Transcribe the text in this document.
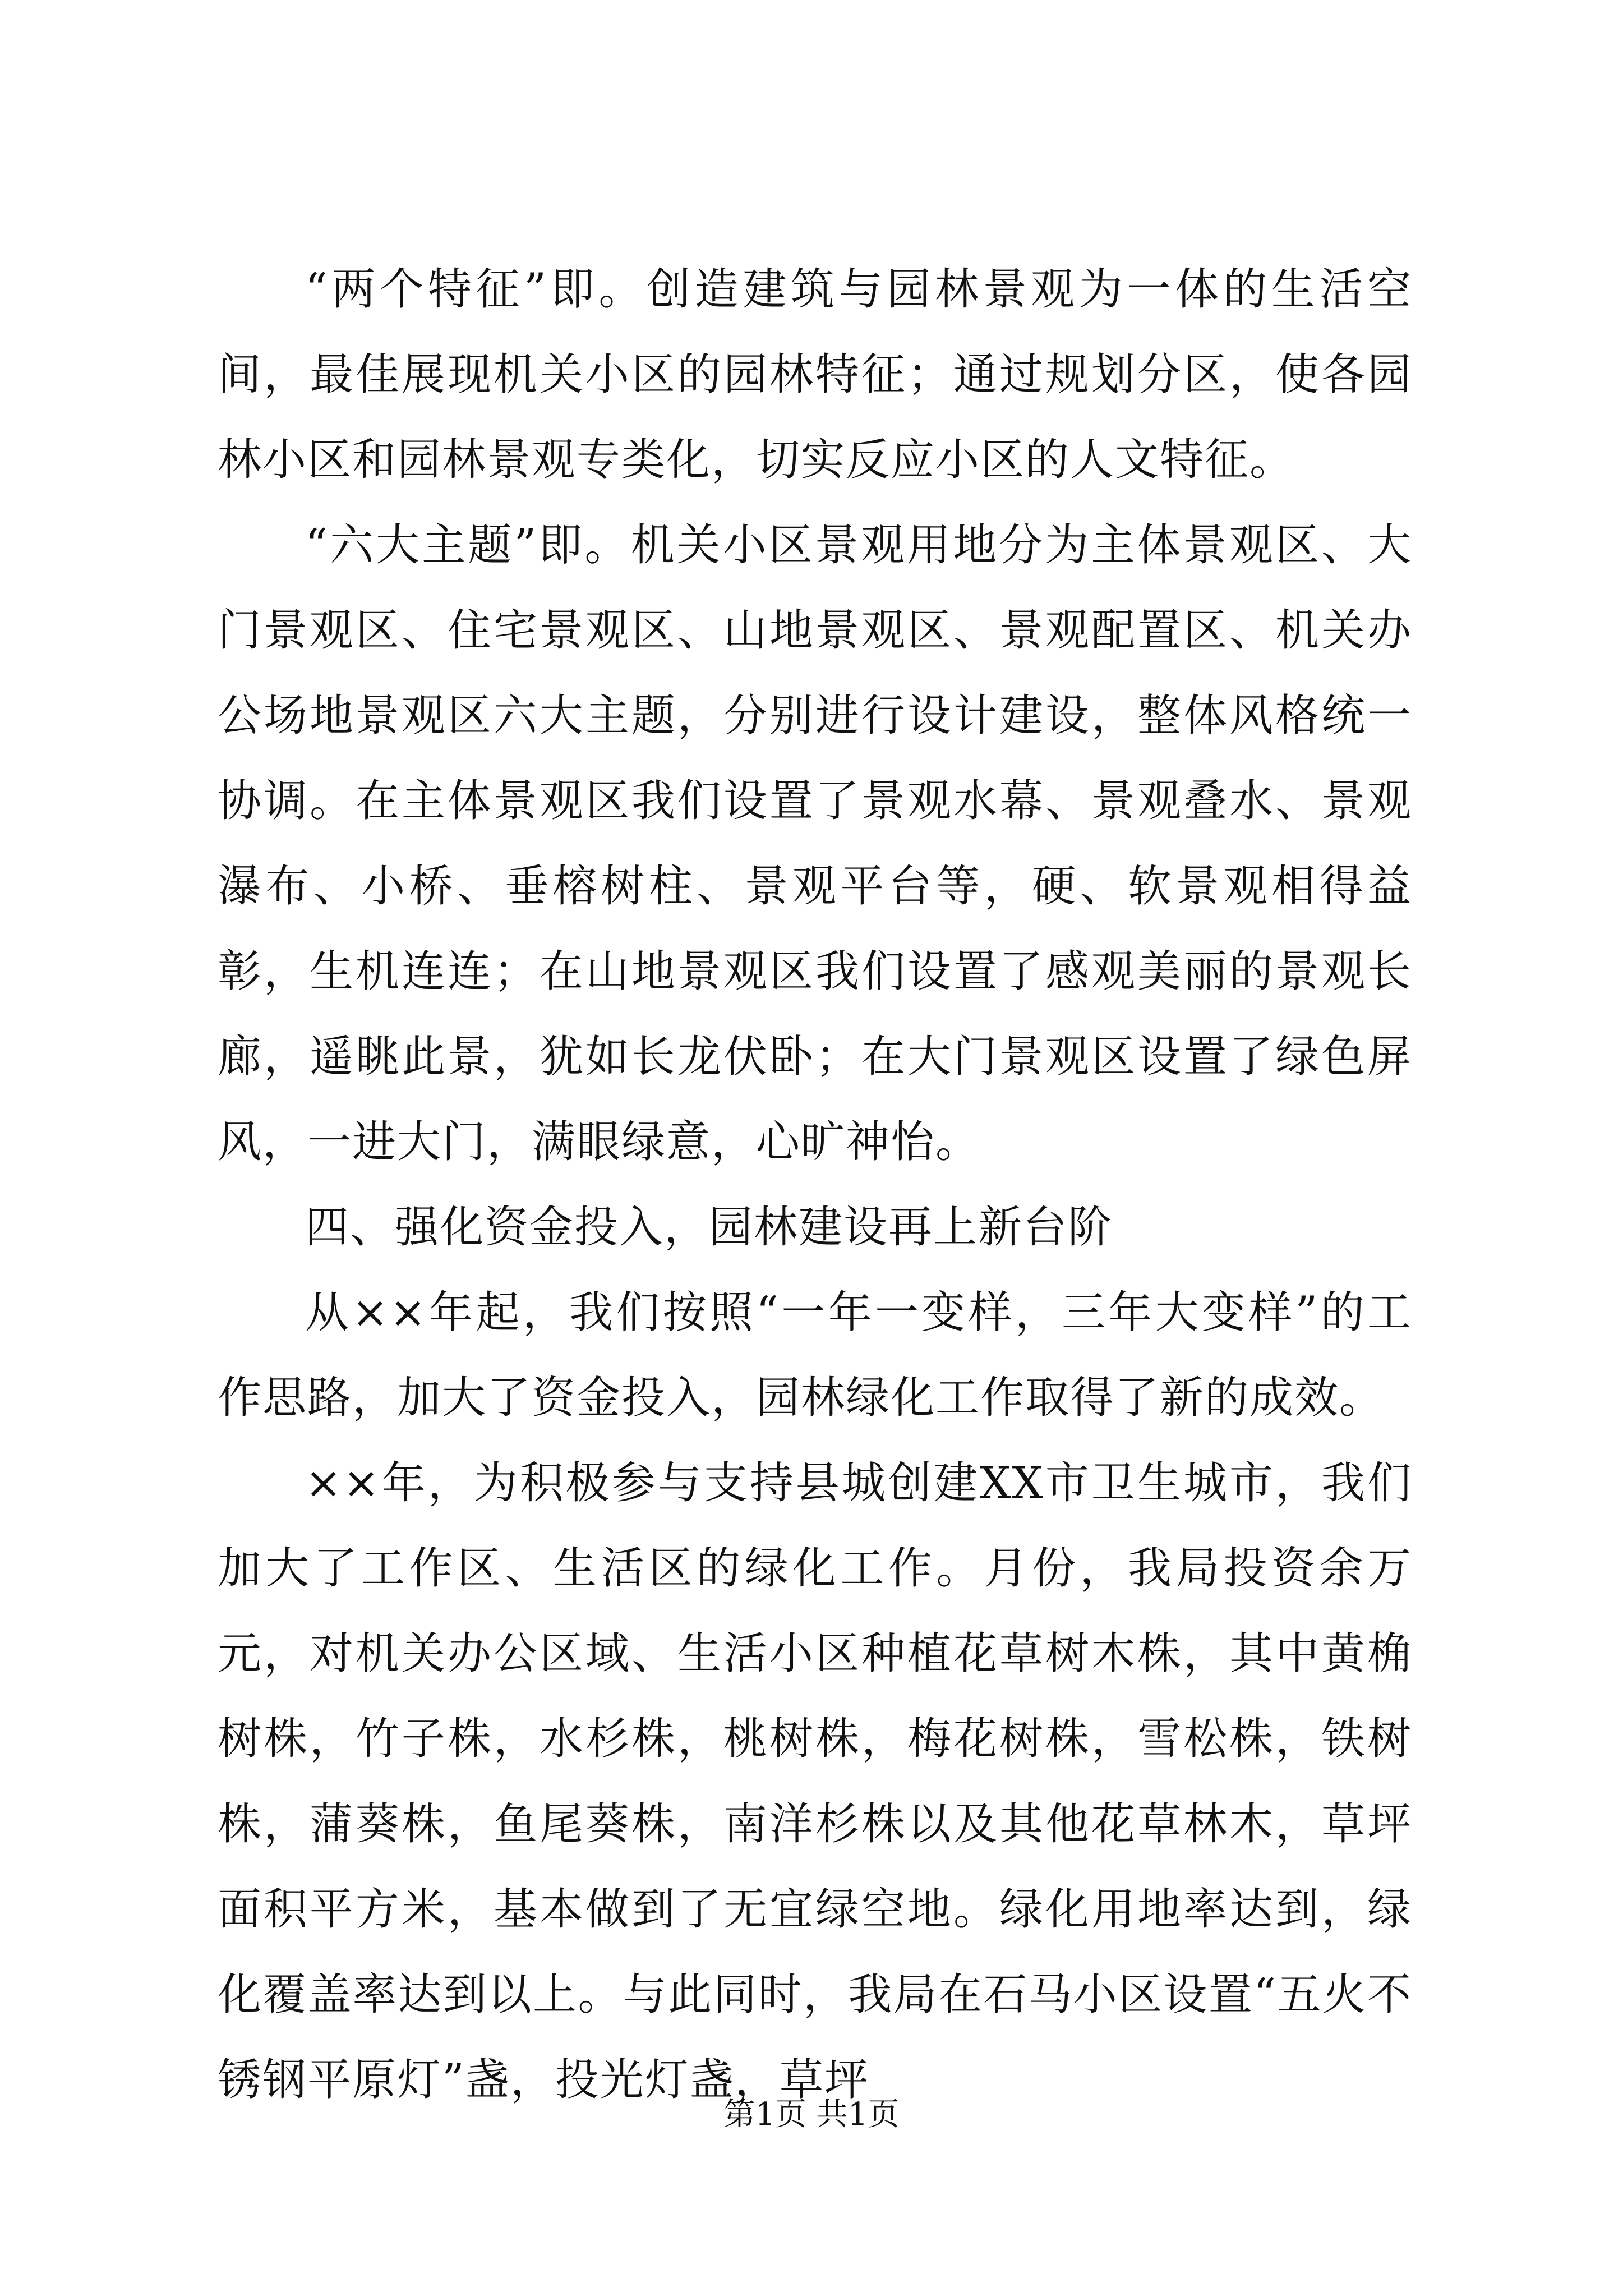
“两个特征”即。创造建筑与园林景观为一体的生活空间，最佳展现机关小区的园林特征；通过规划分区，使各园林小区和园林景观专类化，切实反应小区的人文特征。

“六大主题”即。机关小区景观用地分为主体景观区、大门景观区、住宅景观区、山地景观区、景观配置区、机关办公场地景观区六大主题，分别进行设计建设，整体风格统一协调。在主体景观区我们设置了景观水幕、景观叠水、景观瀑布、小桥、垂榕树柱、景观平台等，硬、软景观相得益彰，生机连连；在山地景观区我们设置了感观美丽的景观长廊，遥眺此景，犹如长龙伏卧；在大门景观区设置了绿色屏风，一进大门，满眼绿意，心旷神怡。

四、强化资金投入，园林建设再上新台阶

从××年起，我们按照“一年一变样，三年大变样”的工作思路，加大了资金投入，园林绿化工作取得了新的成效。

××年，为积极参与支持县城创建XX市卫生城市，我们加大了工作区、生活区的绿化工作。月份，我局投资余万元，对机关办公区域、生活小区种植花草树木株，其中黄桷树株，竹子株，水杉株，桃树株，梅花树株，雪松株，铁树株，蒲葵株，鱼尾葵株，南洋杉株以及其他花草林木，草坪面积平方米，基本做到了无宜绿空地。绿化用地率达到，绿化覆盖率达到以上。与此同时，我局在石马小区设置“五火不锈钢平原灯”盏，投光灯盏，草坪

第1页 共1页
